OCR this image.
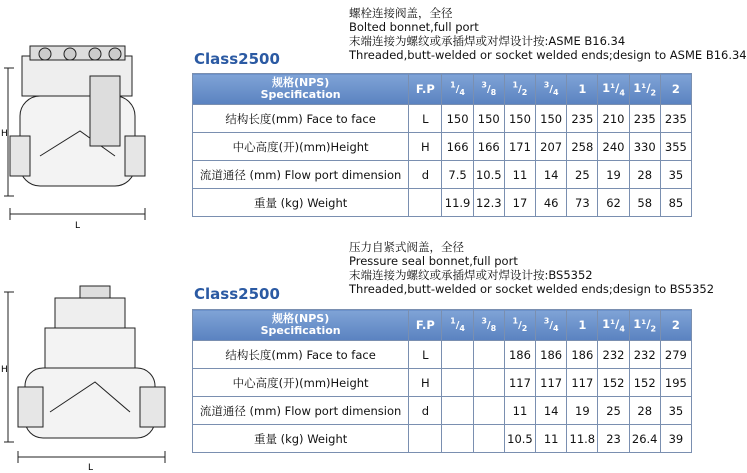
H
L
H
L
螺栓连接阀盖，全径
Bolted bonnet,full port
末端连接为螺纹或承插焊或对焊设计按:ASME B16.34
Threaded,butt-welded or socket welded ends;design to ASME B16.34
Class2500
规格(NPS)
Specification	F.P	$^1/_4$	$^3/_8$	$^1/_2$	$^3/_4$	1	$1^1/_4$	$1^1/_2$	2
结构长度(mm) Face to face	L	150	150	150	150	235	210	235	235
中心高度(开)(mm)Height	H	166	166	171	207	258	240	330	355
流道通径 (mm) Flow port dimension	d	7.5	10.5	11	14	25	19	28	35
重量 (kg) Weight		11.9	12.3	17	46	73	62	58	85
压力自紧式阀盖，全径
Pressure seal bonnet,full port
末端连接为螺纹或承插焊或对焊设计按:BS5352
Threaded,butt-welded or socket welded ends;design to BS5352
Class2500
规格(NPS)
Specification	F.P	$^1/_4$	$^3/_8$	$^1/_2$	$^3/_4$	1	$1^1/_4$	$1^1/_2$	2
结构长度(mm) Face to face	L			186	186	186	232	232	279
中心高度(开)(mm)Height	H			117	117	117	152	152	195
流道通径 (mm) Flow port dimension	d			11	14	19	25	28	35
重量 (kg) Weight				10.5	11	11.8	23	26.4	39
